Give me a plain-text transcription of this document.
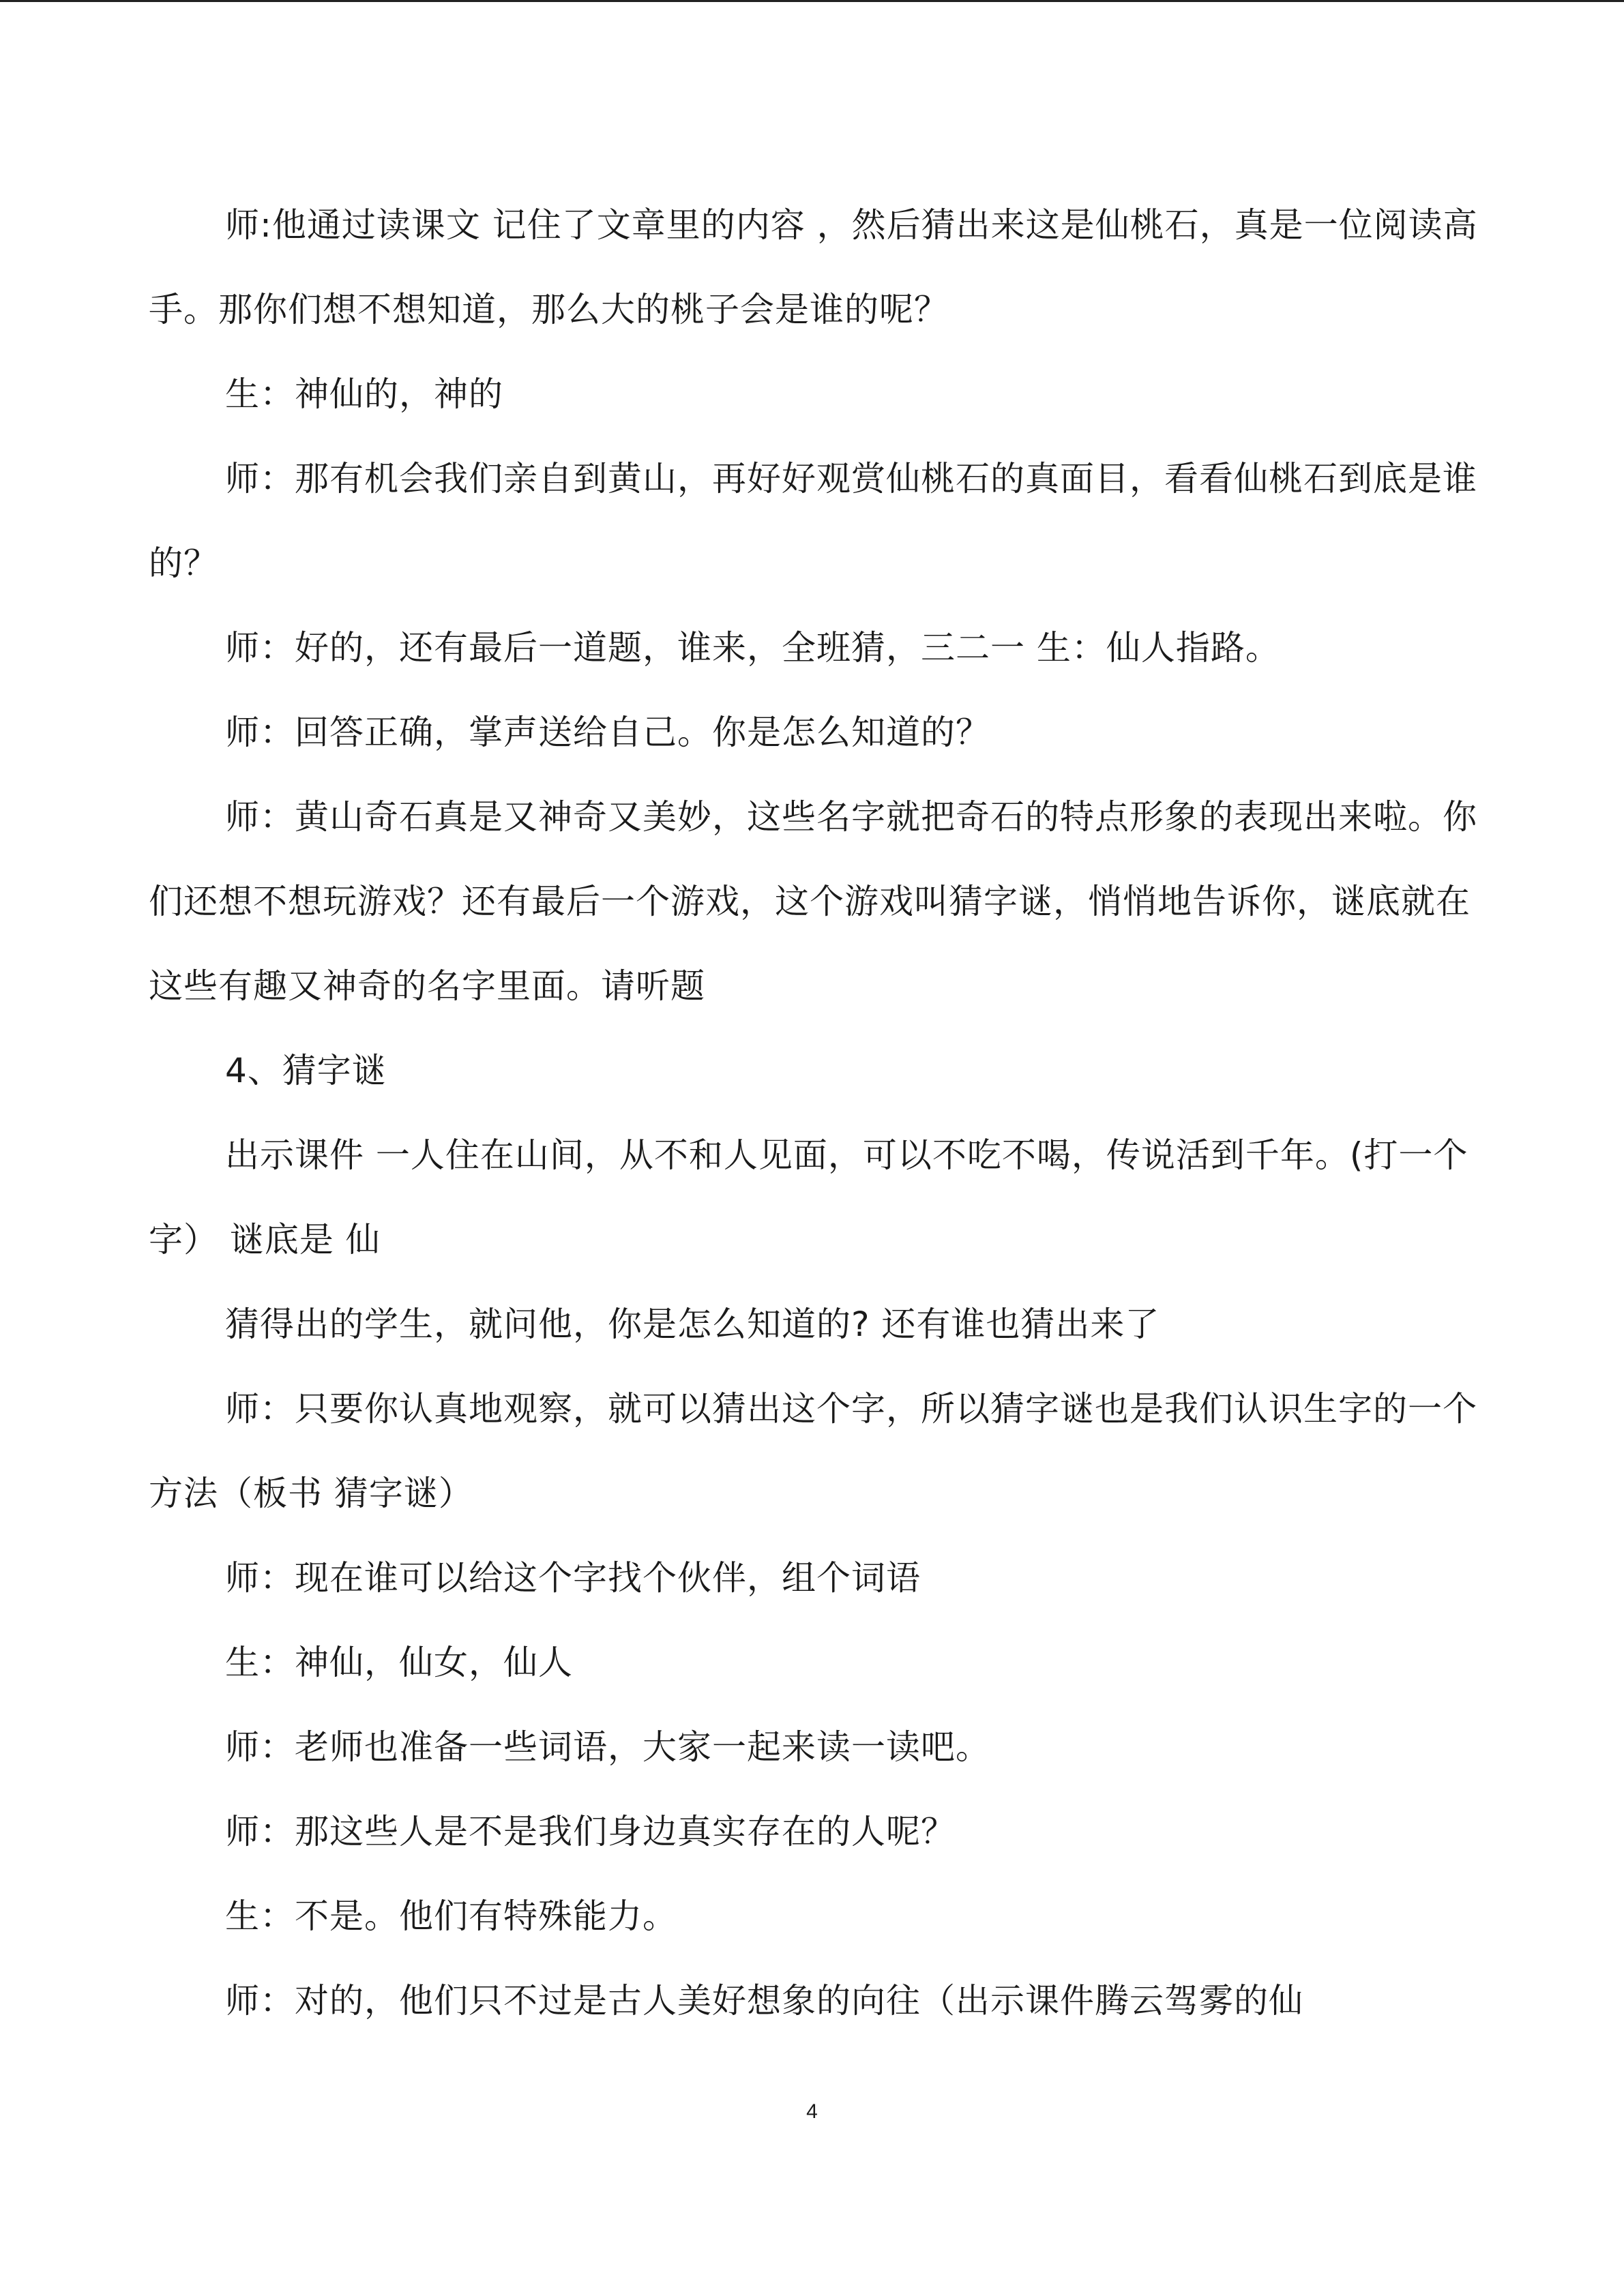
师:他通过读课文 记住了文章里的内容 ，然后猜出来这是仙桃石，真是一位阅读高手。那你们想不想知道，那么大的桃子会是谁的呢？

生：神仙的，神的

师：那有机会我们亲自到黄山，再好好观赏仙桃石的真面目，看看仙桃石到底是谁的？

师：好的，还有最后一道题，谁来，全班猜，三二一 生：仙人指路。

师：回答正确，掌声送给自己。你是怎么知道的？

师：黄山奇石真是又神奇又美妙，这些名字就把奇石的特点形象的表现出来啦。你们还想不想玩游戏？还有最后一个游戏，这个游戏叫猜字谜，悄悄地告诉你，谜底就在这些有趣又神奇的名字里面。请听题

4、猜字谜

出示课件 一人住在山间，从不和人见面，可以不吃不喝，传说活到千年。(打一个字） 谜底是 仙

猜得出的学生，就问他，你是怎么知道的? 还有谁也猜出来了

师：只要你认真地观察，就可以猜出这个字，所以猜字谜也是我们认识生字的一个方法（板书 猜字谜）

师：现在谁可以给这个字找个伙伴，组个词语

生：神仙，仙女，仙人

师：老师也准备一些词语，大家一起来读一读吧。

师：那这些人是不是我们身边真实存在的人呢？

生：不是。他们有特殊能力。

师：对的，他们只不过是古人美好想象的向往（出示课件腾云驾雾的仙

4
